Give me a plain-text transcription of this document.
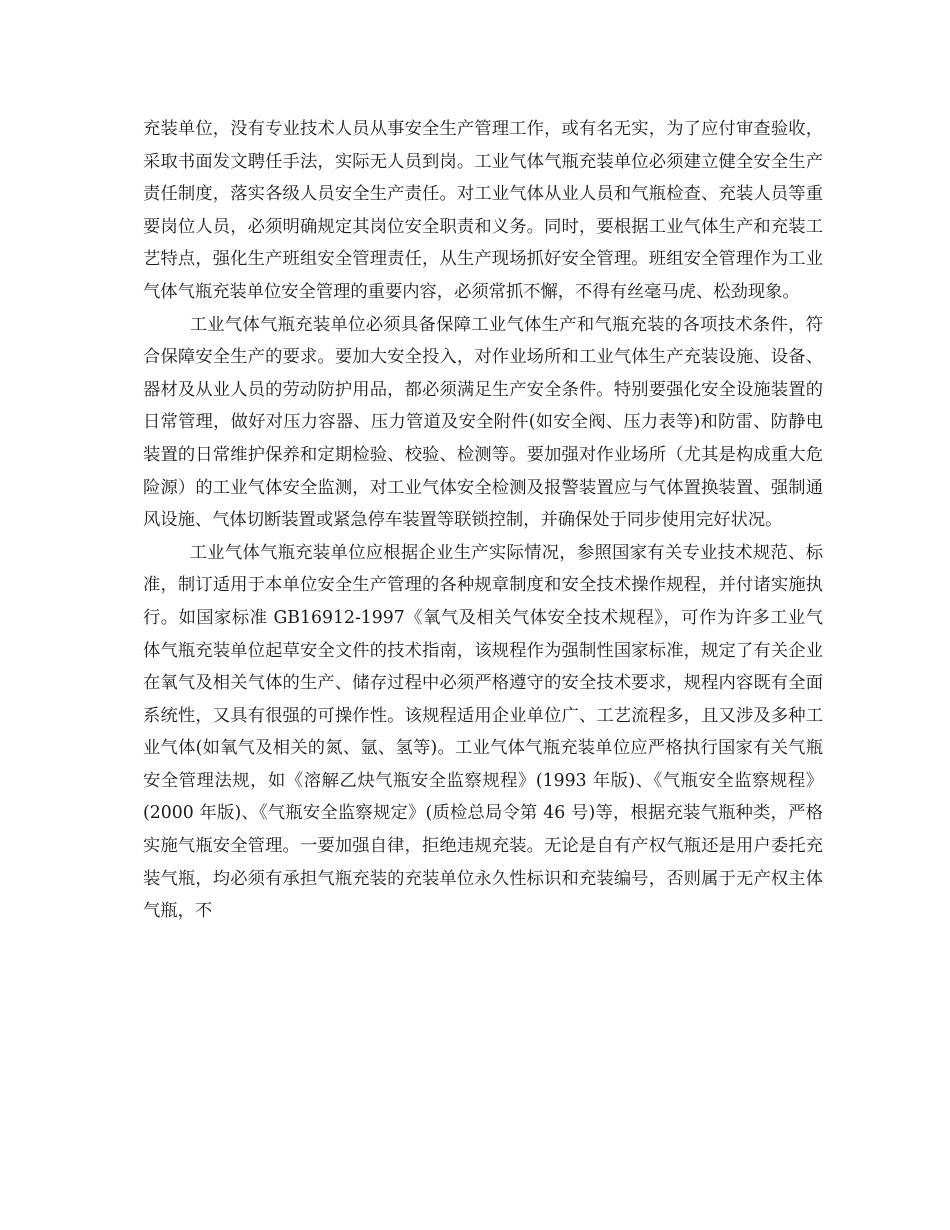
充装单位，没有专业技术人员从事安全生产管理工作，或有名无实，为了应付审查验收，采取书面发文聘任手法，实际无人员到岗。工业气体气瓶充装单位必须建立健全安全生产责任制度，落实各级人员安全生产责任。对工业气体从业人员和气瓶检查、充装人员等重要岗位人员，必须明确规定其岗位安全职责和义务。同时，要根据工业气体生产和充装工艺特点，强化生产班组安全管理责任，从生产现场抓好安全管理。班组安全管理作为工业气体气瓶充装单位安全管理的重要内容，必须常抓不懈，不得有丝毫马虎、松劲现象。

工业气体气瓶充装单位必须具备保障工业气体生产和气瓶充装的各项技术条件，符合保障安全生产的要求。要加大安全投入，对作业场所和工业气体生产充装设施、设备、器材及从业人员的劳动防护用品，都必须满足生产安全条件。特别要强化安全设施装置的日常管理，做好对压力容器、压力管道及安全附件(如安全阀、压力表等)和防雷、防静电装置的日常维护保养和定期检验、校验、检测等。要加强对作业场所（尤其是构成重大危险源）的工业气体安全监测，对工业气体安全检测及报警装置应与气体置换装置、强制通风设施、气体切断装置或紧急停车装置等联锁控制，并确保处于同步使用完好状况。

工业气体气瓶充装单位应根据企业生产实际情况，参照国家有关专业技术规范、标准，制订适用于本单位安全生产管理的各种规章制度和安全技术操作规程，并付诸实施执行。如国家标准 GB16912-1997《氧气及相关气体安全技术规程》，可作为许多工业气体气瓶充装单位起草安全文件的技术指南，该规程作为强制性国家标准，规定了有关企业在氧气及相关气体的生产、储存过程中必须严格遵守的安全技术要求，规程内容既有全面系统性，又具有很强的可操作性。该规程适用企业单位广、工艺流程多，且又涉及多种工业气体(如氧气及相关的氮、氩、氢等)。工业气体气瓶充装单位应严格执行国家有关气瓶安全管理法规，如《溶解乙炔气瓶安全监察规程》(1993 年版)、《气瓶安全监察规程》(2000 年版)、《气瓶安全监察规定》(质检总局令第 46 号)等，根据充装气瓶种类，严格实施气瓶安全管理。一要加强自律，拒绝违规充装。无论是自有产权气瓶还是用户委托充装气瓶，均必须有承担气瓶充装的充装单位永久性标识和充装编号，否则属于无产权主体气瓶，不
